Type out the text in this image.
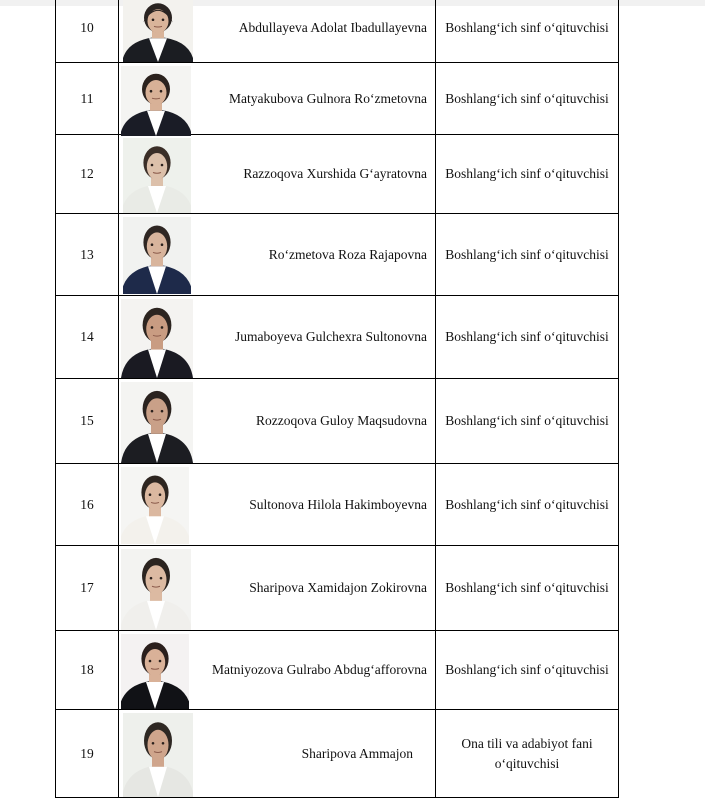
10	Abdullayeva Adolat Ibadullayevna	Boshlang‘ich sinf o‘qituvchisi
11	Matyakubova Gulnora Ro‘zmetovna	Boshlang‘ich sinf o‘qituvchisi
12	Razzoqova Xurshida G‘ayratovna	Boshlang‘ich sinf o‘qituvchisi
13	Ro‘zmetova Roza Rajapovna	Boshlang‘ich sinf o‘qituvchisi
14	Jumaboyeva Gulchexra Sultonovna	Boshlang‘ich sinf o‘qituvchisi
15	Rozzoqova Guloy Maqsudovna	Boshlang‘ich sinf o‘qituvchisi
16	Sultonova Hilola Hakimboyevna	Boshlang‘ich sinf o‘qituvchisi
17	Sharipova Xamidajon Zokirovna	Boshlang‘ich sinf o‘qituvchisi
18	Matniyozova Gulrabo Abdug‘afforovna	Boshlang‘ich sinf o‘qituvchisi
19	Sharipova Ammajon	Ona tili va adabiyot fani o‘qituvchisi
